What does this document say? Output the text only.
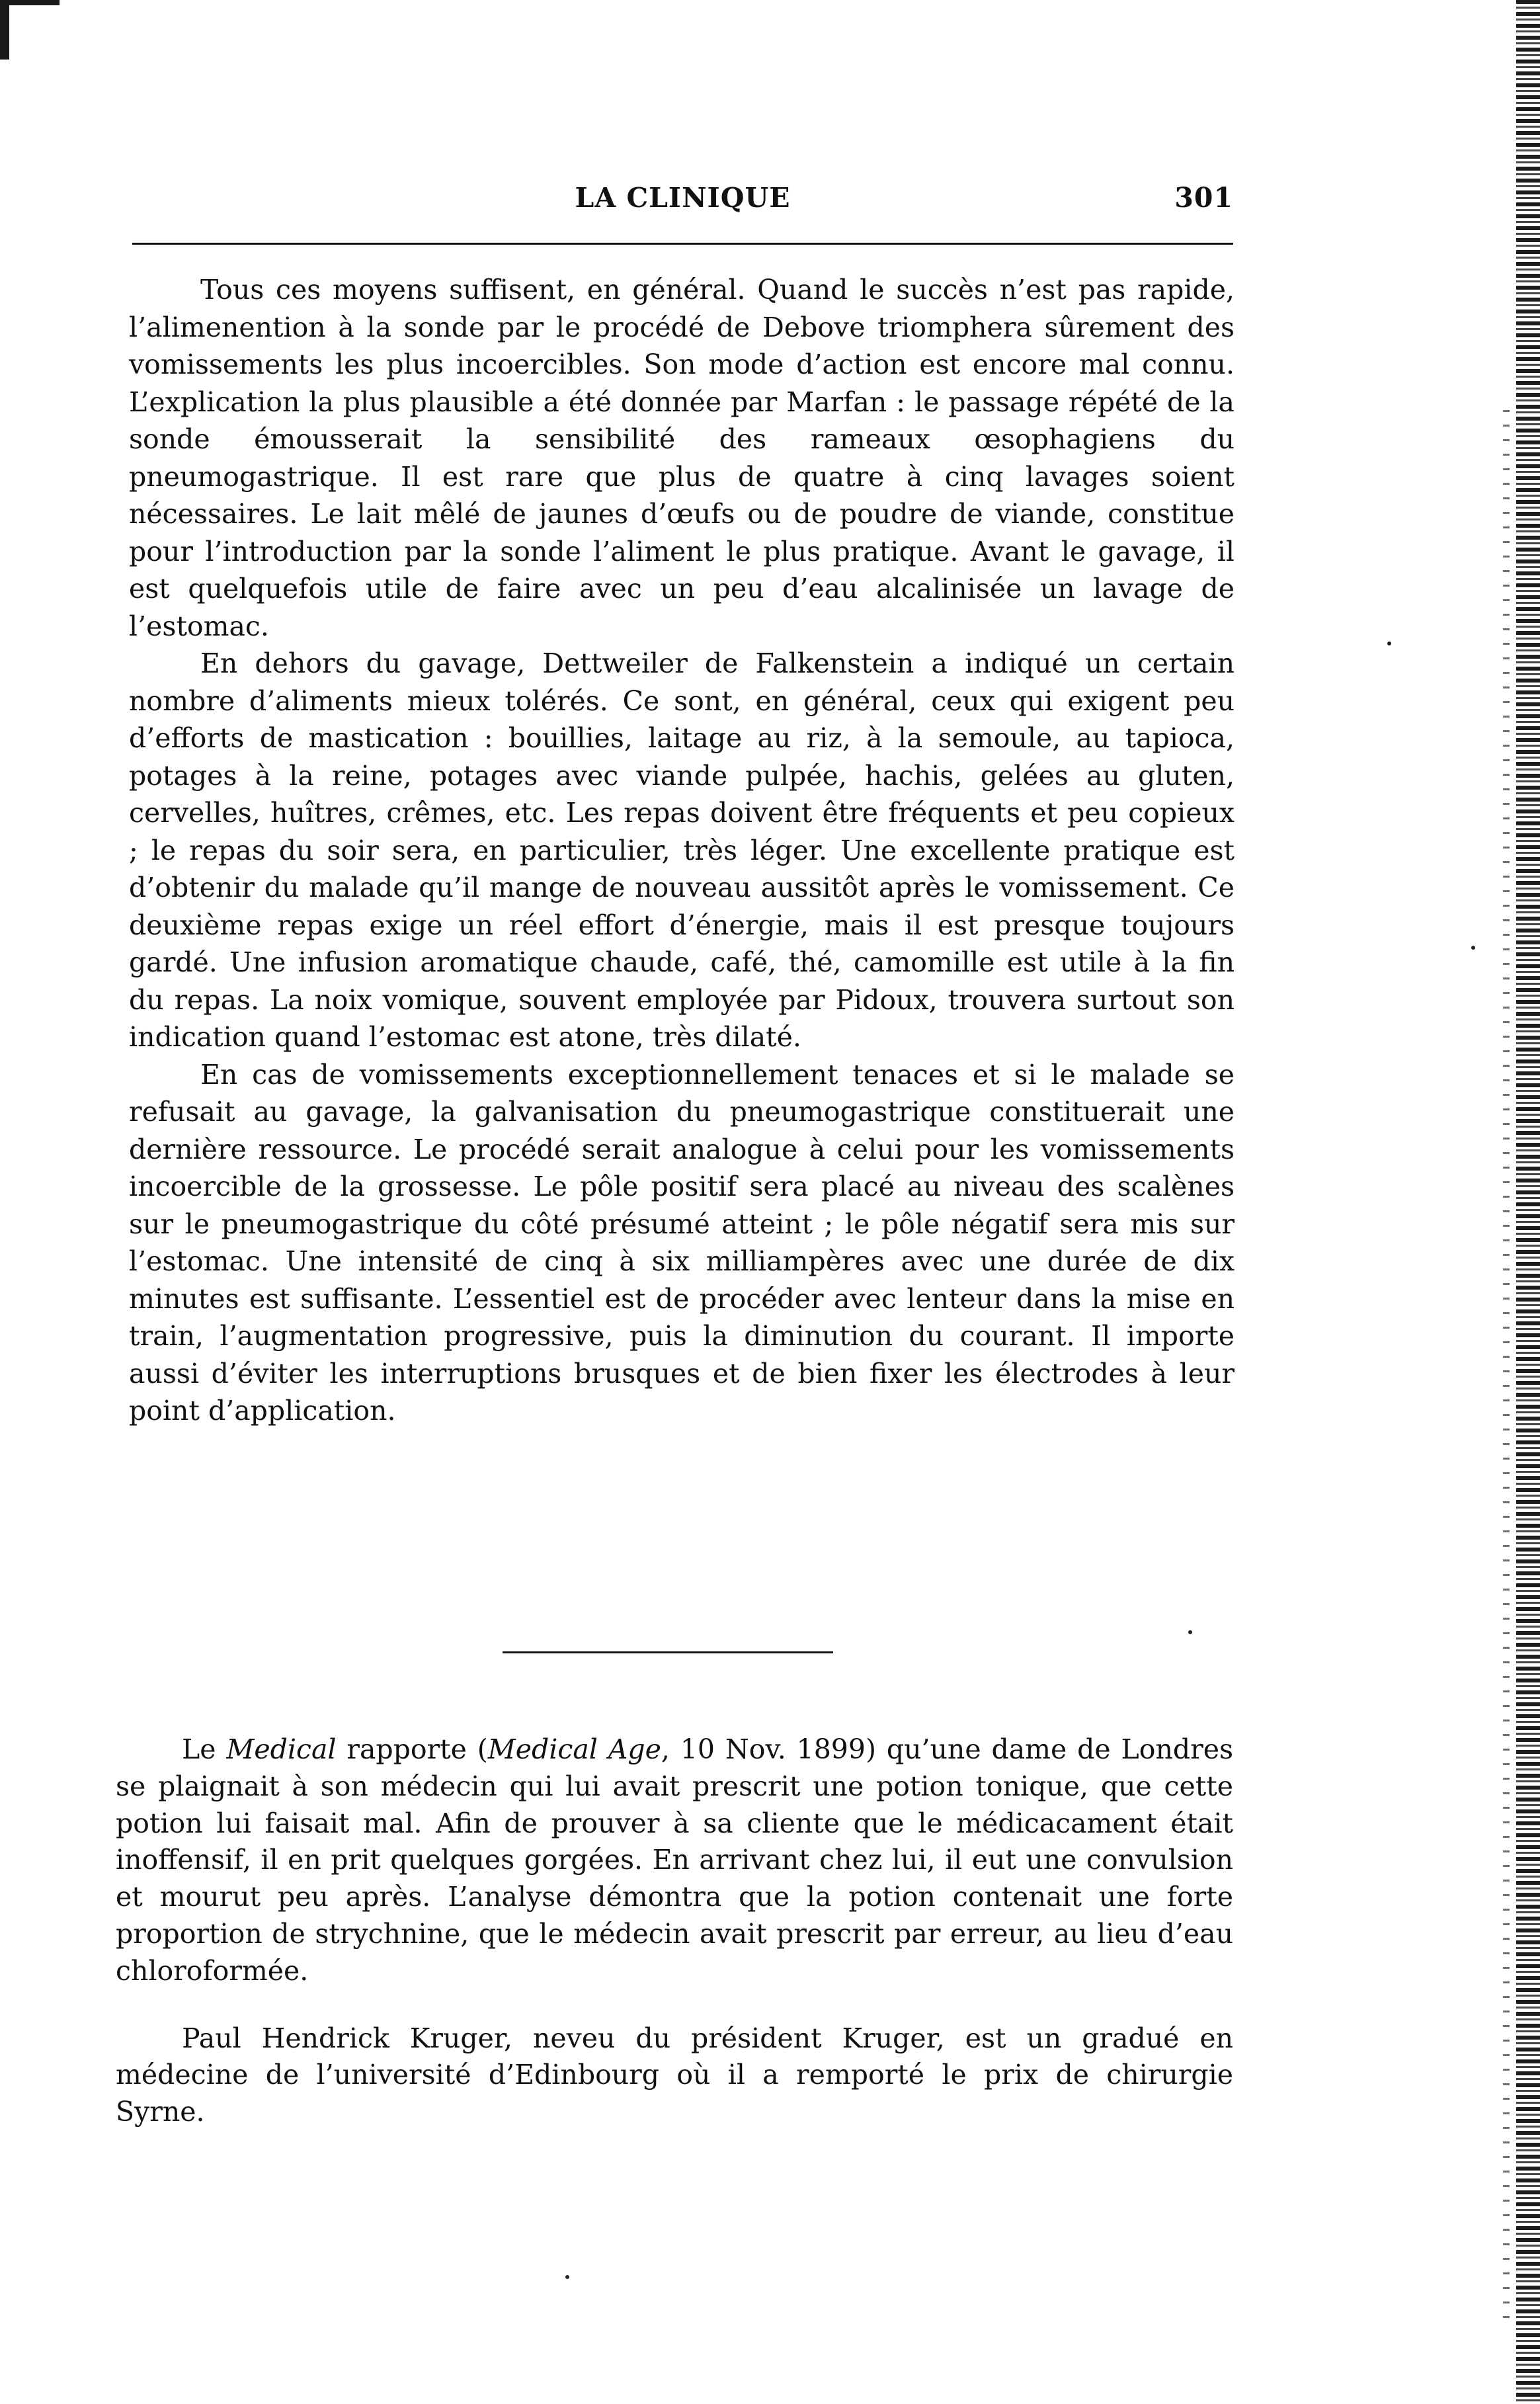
LA CLINIQUE	301

Tous ces moyens suffisent, en général. Quand le succès n’est pas rapide, l’alimenention à la sonde par le procédé de Debove triomphera sûrement des vomissements les plus incoercibles. Son mode d’action est encore mal connu. L’explication la plus plausible a été donnée par Marfan : le passage répété de la sonde émousserait la sensibilité des rameaux œsophagiens du pneumogastrique. Il est rare que plus de quatre à cinq lavages soient nécessaires. Le lait mêlé de jaunes d’œufs ou de poudre de viande, constitue pour l’introduction par la sonde l’aliment le plus pratique. Avant le gavage, il est quelquefois utile de faire avec un peu d’eau alcalinisée un lavage de l’estomac.

En dehors du gavage, Dettweiler de Falkenstein a indiqué un certain nombre d’aliments mieux tolérés. Ce sont, en général, ceux qui exigent peu d’efforts de mastication : bouillies, laitage au riz, à la semoule, au tapioca, potages à la reine, potages avec viande pulpée, hachis, gelées au gluten, cervelles, huîtres, crêmes, etc. Les repas doivent être fréquents et peu copieux ; le repas du soir sera, en particulier, très léger. Une excellente pratique est d’obtenir du malade qu’il mange de nouveau aussitôt après le vomissement. Ce deuxième repas exige un réel effort d’énergie, mais il est presque toujours gardé. Une infusion aromatique chaude, café, thé, camomille est utile à la fin du repas. La noix vomique, souvent employée par Pidoux, trouvera surtout son indication quand l’estomac est atone, très dilaté.

En cas de vomissements exceptionnellement tenaces et si le malade se refusait au gavage, la galvanisation du pneumogastrique constituerait une dernière ressource. Le procédé serait analogue à celui pour les vomissements incoercible de la grossesse. Le pôle positif sera placé au niveau des scalènes sur le pneumogastrique du côté présumé atteint ; le pôle négatif sera mis sur l’estomac. Une intensité de cinq à six milliampères avec une durée de dix minutes est suffisante. L’essentiel est de procéder avec lenteur dans la mise en train, l’augmentation progressive, puis la diminution du courant. Il importe aussi d’éviter les interruptions brusques et de bien fixer les électrodes à leur point d’application.

Le Medical rapporte (Medical Age, 10 Nov. 1899) qu’une dame de Londres se plaignait à son médecin qui lui avait prescrit une potion tonique, que cette potion lui faisait mal. Afin de prouver à sa cliente que le médicacament était inoffensif, il en prit quelques gorgées. En arrivant chez lui, il eut une convulsion et mourut peu après. L’analyse démontra que la potion contenait une forte proportion de strychnine, que le médecin avait prescrit par erreur, au lieu d’eau chloroformée.

Paul Hendrick Kruger, neveu du président Kruger, est un gradué en médecine de l’université d’Edinbourg où il a remporté le prix de chirurgie Syrne.
